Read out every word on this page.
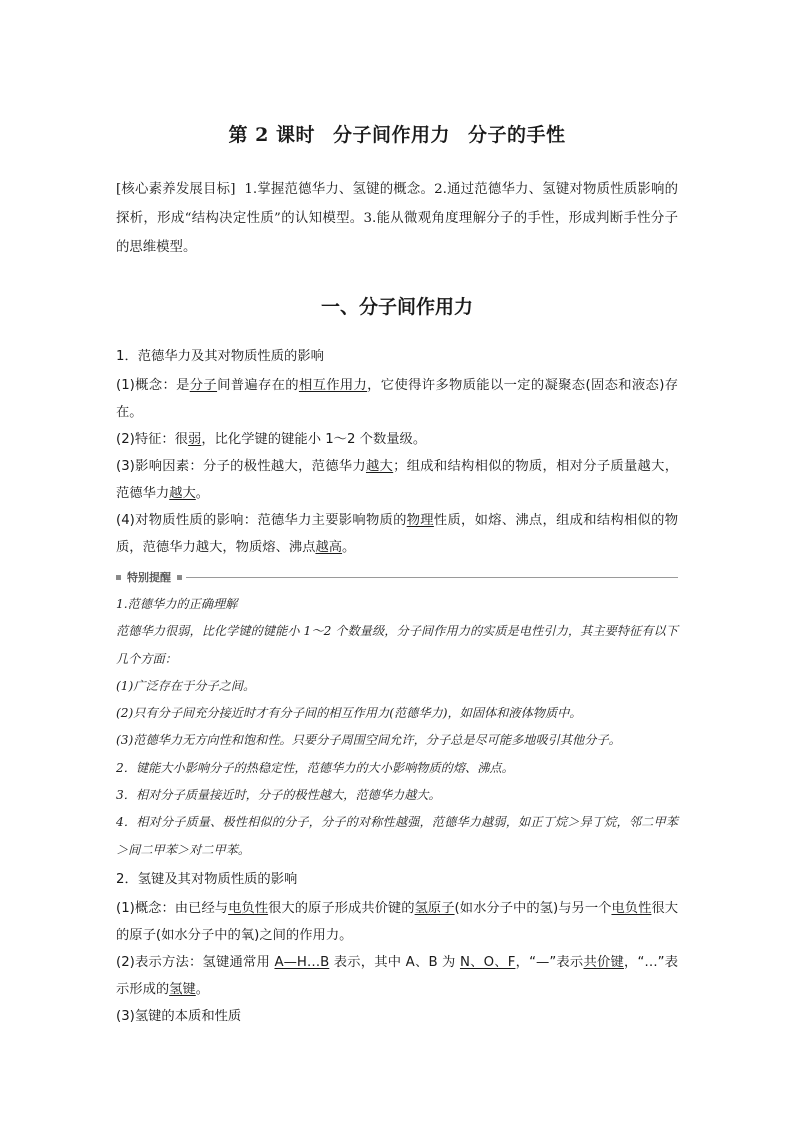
第 2 课时 分子间作用力 分子的手性

[核心素养发展目标] 1.掌握范德华力、氢键的概念。2.通过范德华力、氢键对物质性质影响的探析，形成“结构决定性质”的认知模型。3.能从微观角度理解分子的手性，形成判断手性分子的思维模型。

一、分子间作用力

1．范德华力及其对物质性质的影响

(1)概念：是分子间普遍存在的相互作用力，它使得许多物质能以一定的凝聚态(固态和液态)存在。

(2)特征：很弱，比化学键的键能小 1～2 个数量级。

(3)影响因素：分子的极性越大，范德华力越大；组成和结构相似的物质，相对分子质量越大，范德华力越大。

(4)对物质性质的影响：范德华力主要影响物质的物理性质，如熔、沸点，组成和结构相似的物质，范德华力越大，物质熔、沸点越高。

特别提醒

1.范德华力的正确理解

范德华力很弱，比化学键的键能小 1～2 个数量级，分子间作用力的实质是电性引力，其主要特征有以下几个方面：

(1)广泛存在于分子之间。

(2)只有分子间充分接近时才有分子间的相互作用力(范德华力)，如固体和液体物质中。

(3)范德华力无方向性和饱和性。只要分子周围空间允许，分子总是尽可能多地吸引其他分子。

2．键能大小影响分子的热稳定性，范德华力的大小影响物质的熔、沸点。

3．相对分子质量接近时，分子的极性越大，范德华力越大。

4．相对分子质量、极性相似的分子，分子的对称性越强，范德华力越弱，如正丁烷＞异丁烷，邻二甲苯＞间二甲苯＞对二甲苯。

2．氢键及其对物质性质的影响

(1)概念：由已经与电负性很大的原子形成共价键的氢原子(如水分子中的氢)与另一个电负性很大的原子(如水分子中的氧)之间的作用力。

(2)表示方法：氢键通常用 A—H…B 表示，其中 A、B 为 N、O、F，“—”表示共价键，“…”表示形成的氢键。

(3)氢键的本质和性质
